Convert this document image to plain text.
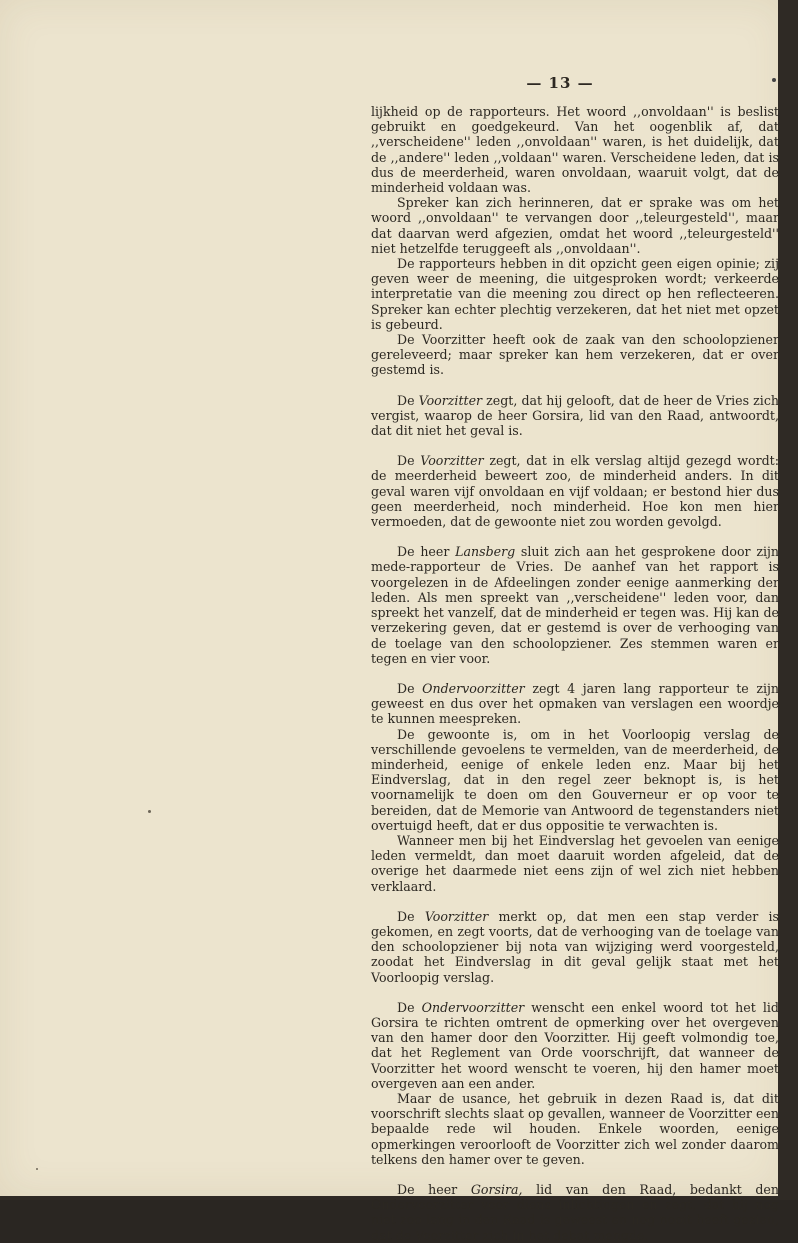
— 13 —

lijkheid op de rapporteurs. Het woord ,,onvoldaan'' is beslist gebruikt en goedgekeurd. Van het oogenblik af, dat ,,verscheidene'' leden ,,onvoldaan'' waren, is het duidelijk, dat de ,,andere'' leden ,,voldaan'' waren. Verscheidene leden, dat is dus de meerderheid, waren onvoldaan, waaruit volgt, dat de minderheid voldaan was.

Spreker kan zich herinneren, dat er sprake was om het woord ,,onvoldaan'' te vervangen door ,,teleurgesteld'', maar dat daarvan werd afgezien, omdat het woord ,,teleurgesteld'' niet hetzelfde teruggeeft als ,,onvoldaan''.

De rapporteurs hebben in dit opzicht geen eigen opinie; zij geven weer de meening, die uitgesproken wordt; verkeerde interpretatie van die meening zou direct op hen reflecteeren. Spreker kan echter plechtig verzekeren, dat het niet met opzet is gebeurd.

De Voorzitter heeft ook de zaak van den schoolopziener gereleveerd; maar spreker kan hem verzekeren, dat er over gestemd is.

De Voorzitter zegt, dat hij gelooft, dat de heer de Vries zich vergist, waarop de heer Gorsira, lid van den Raad, antwoordt, dat dit niet het geval is.

De Voorzitter zegt, dat in elk verslag altijd gezegd wordt: de meerderheid beweert zoo, de minderheid anders. In dit geval waren vijf onvoldaan en vijf voldaan; er bestond hier dus geen meerderheid, noch minderheid. Hoe kon men hier vermoeden, dat de gewoonte niet zou worden gevolgd.

De heer Lansberg sluit zich aan het gesprokene door zijn mede-rapporteur de Vries. De aanhef van het rapport is voorgelezen in de Afdeelingen zonder eenige aanmerking der leden. Als men spreekt van ,,verscheidene'' leden voor, dan spreekt het vanzelf, dat de minderheid er tegen was. Hij kan de verzekering geven, dat er gestemd is over de verhooging van de toelage van den schoolopziener. Zes stemmen waren er tegen en vier voor.

De Ondervoorzitter zegt 4 jaren lang rapporteur te zijn geweest en dus over het opmaken van verslagen een woordje te kunnen meespreken.

De gewoonte is, om in het Voorloopig verslag de verschillende gevoelens te vermelden, van de meerderheid, de minderheid, eenige of enkele leden enz. Maar bij het Eindverslag, dat in den regel zeer beknopt is, is het voornamelijk te doen om den Gouverneur er op voor te bereiden, dat de Memorie van Antwoord de tegenstanders niet overtuigd heeft, dat er dus oppositie te verwachten is.

Wanneer men bij het Eindverslag het gevoelen van eenige leden vermeldt, dan moet daaruit worden afgeleid, dat de overige het daarmede niet eens zijn of wel zich niet hebben verklaard.

De Voorzitter merkt op, dat men een stap verder is gekomen, en zegt voorts, dat de verhooging van de toelage van den schoolopziener bij nota van wijziging werd voorgesteld, zoodat het Eindverslag in dit geval gelijk staat met het Voorloopig verslag.

De Ondervoorzitter wenscht een enkel woord tot het lid Gorsira te richten omtrent de opmerking over het overgeven van den hamer door den Voorzitter. Hij geeft volmondig toe, dat het Reglement van Orde voorschrijft, dat wanneer de Voorzitter het woord wenscht te voeren, hij den hamer moet overgeven aan een ander.

Maar de usance, het gebruik in dezen Raad is, dat dit voorschrift slechts slaat op gevallen, wanneer de Voorzitter een bepaalde rede wil houden. Enkele woorden, eenige opmerkingen veroorlooft de Voorzitter zich wel zonder daarom telkens den hamer over te geven.

De heer Gorsira, lid van den Raad, bedankt den Ondervoorzitter voor diens inlichtingen en zegt, dat hij nog niet zoo lang in den Raad is geweest en nog nooit heeft gezien, dat de Voorzitter zich in het debat mengde.
